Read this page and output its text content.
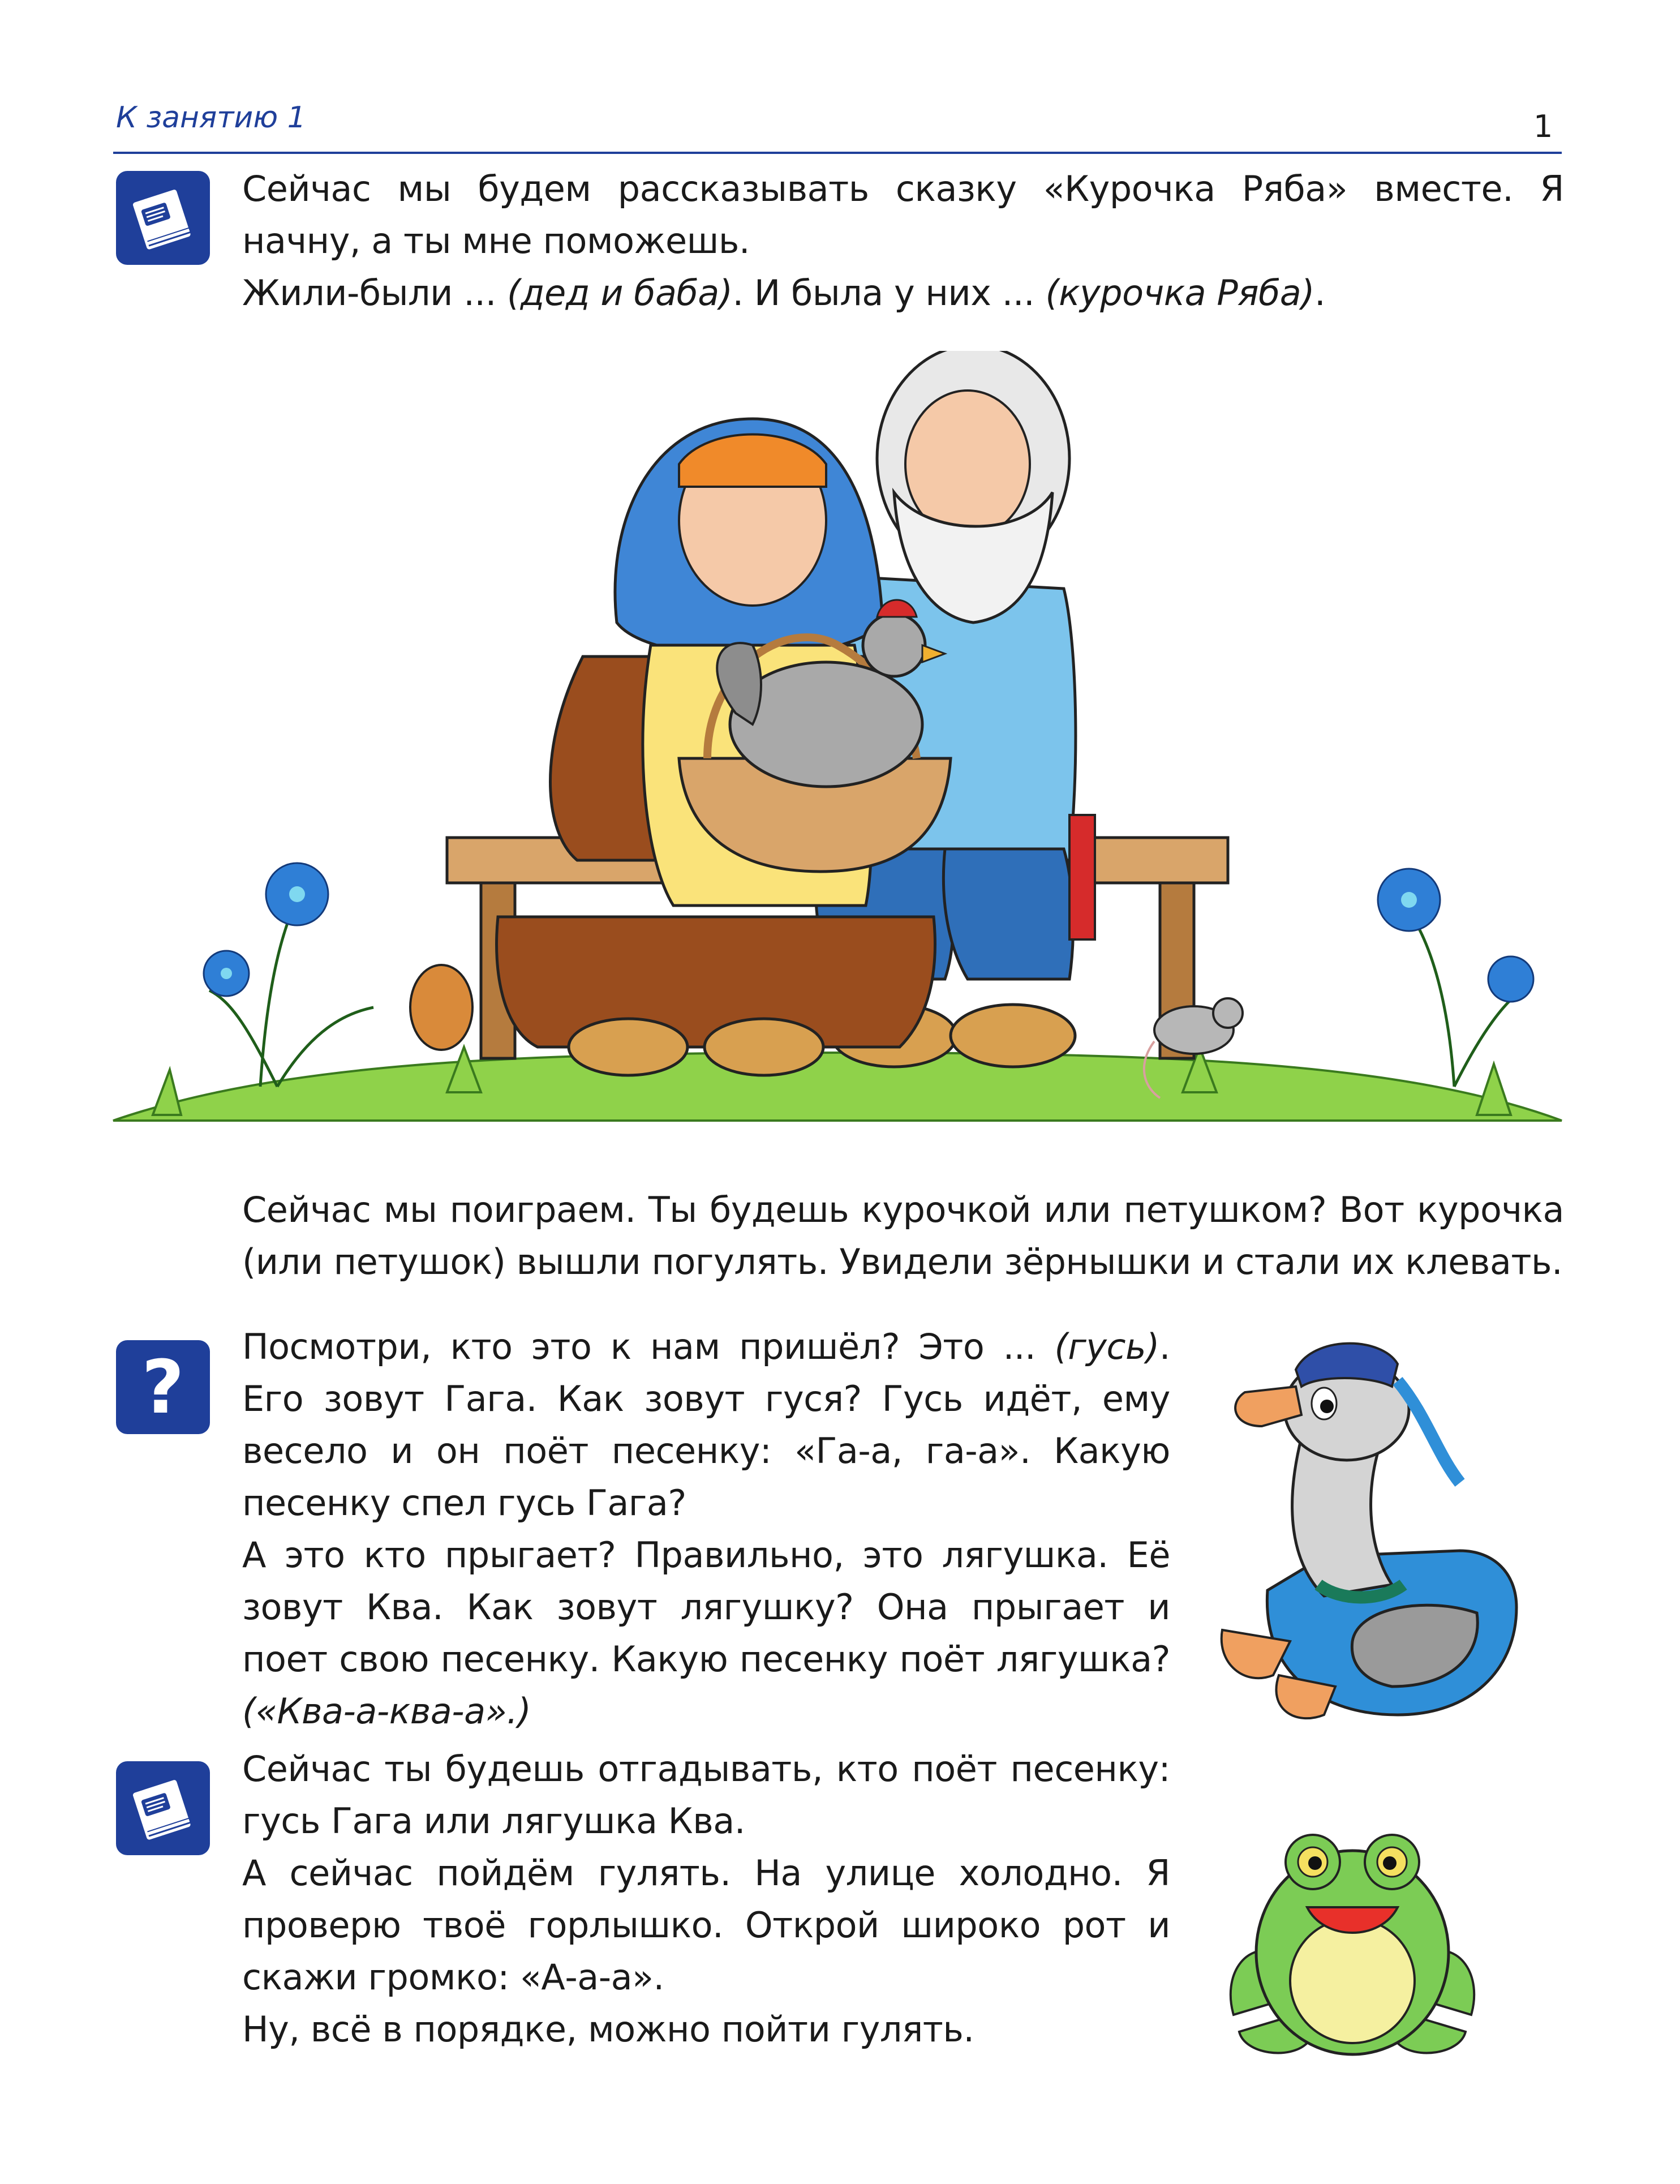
К занятию 1	1

Сейчас мы будем рассказывать сказку «Курочка Ряба» вместе. Я начну, а ты мне поможешь.

Жили-были ... (дед и баба). И была у них ... (курочка Ряба).

Сейчас мы поиграем. Ты будешь курочкой или петушком? Вот курочка (или петушок) вышли погулять. Увидели зёрнышки и стали их клевать.

? Посмотри, кто это к нам пришёл? Это ... (гусь). Его зовут Гага. Как зовут гуся? Гусь идёт, ему весело и он поёт песенку: «Га-а, га-а». Какую песенку спел гусь Гага?

А это кто прыгает? Правильно, это лягушка. Её зовут Ква. Как зовут лягушку? Она прыгает и поет свою песенку. Какую песенку поёт лягушка? («Ква-а-ква-а».)

Сейчас ты будешь отгадывать, кто поёт песенку: гусь Гага или лягушка Ква.

А сейчас пойдём гулять. На улице холодно. Я проверю твоё горлышко. Открой широко рот и скажи громко: «А-а-а».

Ну, всё в порядке, можно пойти гулять.
